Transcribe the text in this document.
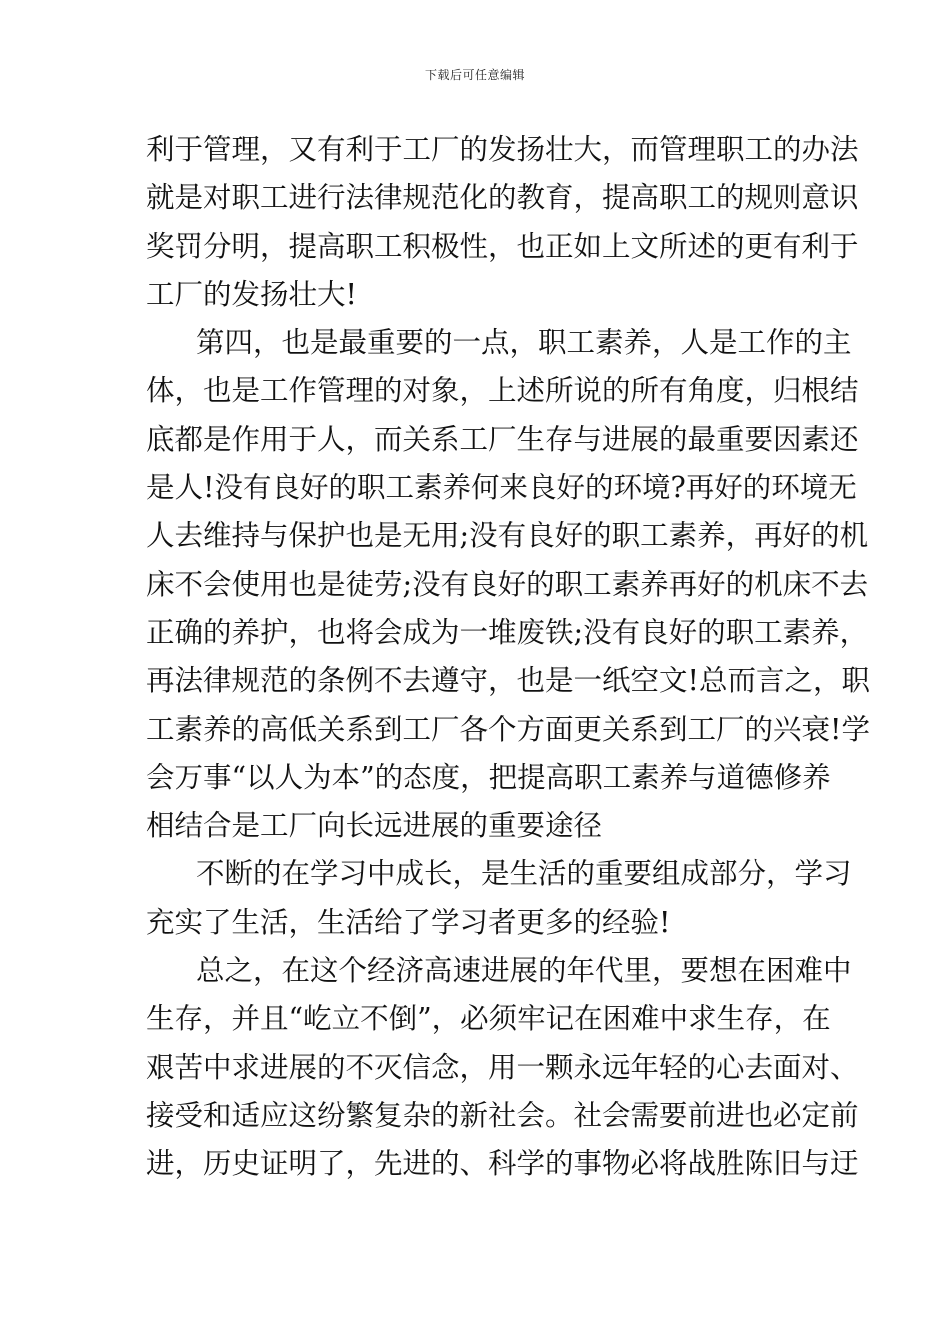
下载后可任意编辑
利于管理，又有利于工厂的发扬壮大，而管理职工的办法
就是对职工进行法律规范化的教育，提高职工的规则意识
奖罚分明，提高职工积极性，也正如上文所述的更有利于
工厂的发扬壮大!
第四，也是最重要的一点，职工素养，人是工作的主
体，也是工作管理的对象，上述所说的所有角度，归根结
底都是作用于人，而关系工厂生存与进展的最重要因素还
是人!没有良好的职工素养何来良好的环境?再好的环境无
人去维持与保护也是无用;没有良好的职工素养，再好的机
床不会使用也是徒劳;没有良好的职工素养再好的机床不去
正确的养护，也将会成为一堆废铁;没有良好的职工素养，
再法律规范的条例不去遵守，也是一纸空文!总而言之，职
工素养的高低关系到工厂各个方面更关系到工厂的兴衰!学
会万事“以人为本”的态度，把提高职工素养与道德修养
相结合是工厂向长远进展的重要途径
不断的在学习中成长，是生活的重要组成部分，学习
充实了生活，生活给了学习者更多的经验!
总之，在这个经济高速进展的年代里，要想在困难中
生存，并且“屹立不倒”，必须牢记在困难中求生存，在
艰苦中求进展的不灭信念，用一颗永远年轻的心去面对、
接受和适应这纷繁复杂的新社会。社会需要前进也必定前
进，历史证明了，先进的、科学的事物必将战胜陈旧与迂
